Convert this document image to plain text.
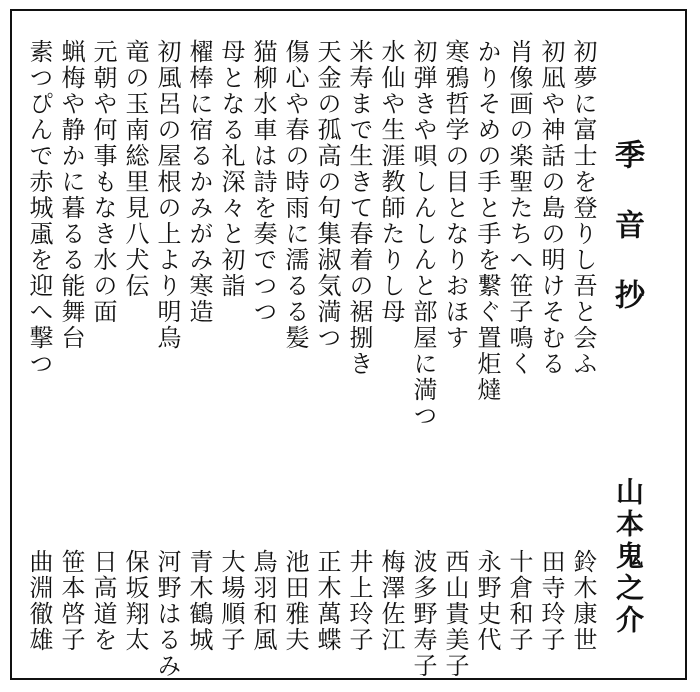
季音抄
山本鬼之介
初夢に富士を登りし吾と会ふ
鈴木康世
初凪や神話の島の明けそむる
田寺玲子
肖像画の楽聖たちへ笹子鳴く
十倉和子
かりそめの手と手を繋ぐ置炬燵
永野史代
寒鴉哲学の目となりおほす
西山貴美子
初弾きや唄しんしんと部屋に満つ
波多野寿子
水仙や生涯教師たりし母
梅澤佐江
米寿まで生きて春着の裾捌き
井上玲子
天金の孤高の句集淑気満つ
正木萬蝶
傷心や春の時雨に濡るる髪
池田雅夫
猫柳水車は詩を奏でつつ
鳥羽和風
母となる礼深々と初詣
大場順子
櫂棒に宿るかみがみ寒造
青木鶴城
初風呂の屋根の上より明烏
河野はるみ
竜の玉南総里見八犬伝
保坂翔太
元朝や何事もなき水の面
日高道を
蝋梅や静かに暮るる能舞台
笹本啓子
素つぴんで赤城颪を迎へ撃つ
曲淵徹雄
